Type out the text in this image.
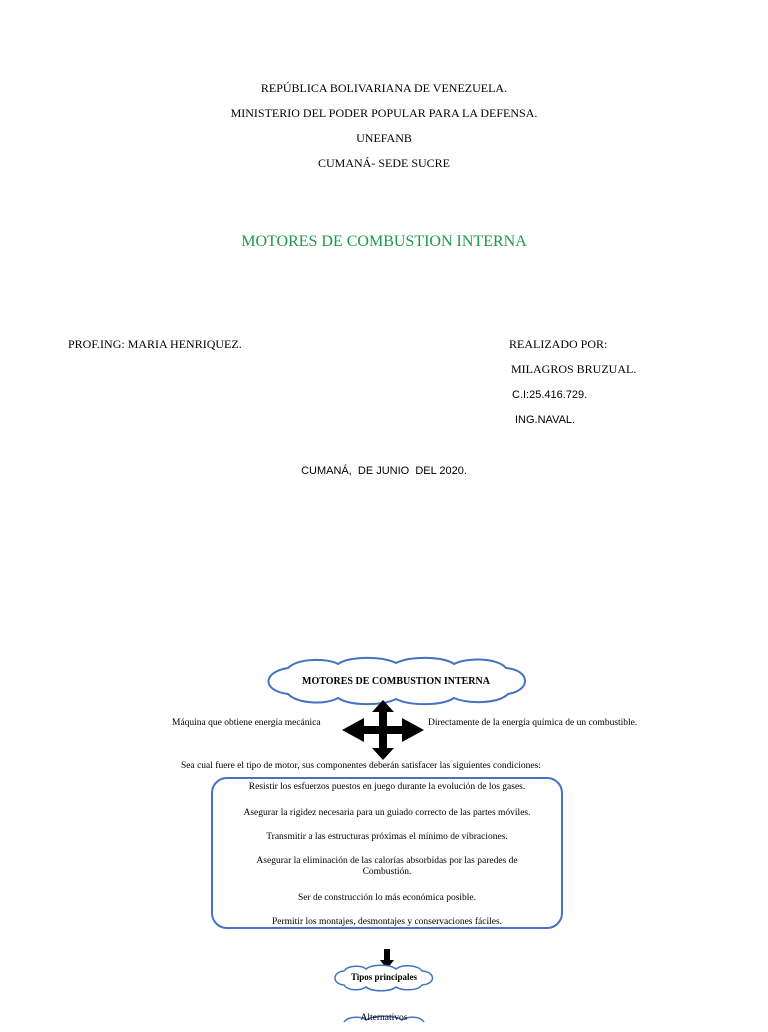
REPÚBLICA BOLIVARIANA DE VENEZUELA.
MINISTERIO DEL PODER POPULAR PARA LA DEFENSA.
UNEFANB
CUMANÁ- SEDE SUCRE
MOTORES DE COMBUSTION INTERNA
PROF.ING: MARIA HENRIQUEZ.	REALIZADO POR:
MILAGROS BRUZUAL.
C.I:25.416.729.
ING.NAVAL.
CUMANÁ,  DE JUNIO  DEL 2020.
MOTORES DE COMBUSTION INTERNA
Máquina que obtiene energía mecánica	Directamente de la energía química de un combustible.
Sea cual fuere el tipo de motor, sus componentes deberán satisfacer las siguientes condiciones:
Resistir los esfuerzos puestos en juego durante la evolución de los gases.
Asegurar la rigidez necesaria para un guiado correcto de las partes móviles.
Transmitir a las estructuras próximas el mínimo de vibraciones.
Asegurar la eliminación de las calorías absorbidas por las paredes de Combustión.
Ser de construcción lo más económica posible.
Permitir los montajes, desmontajes y conservaciones fáciles.
Tipos principales
Alternativos
